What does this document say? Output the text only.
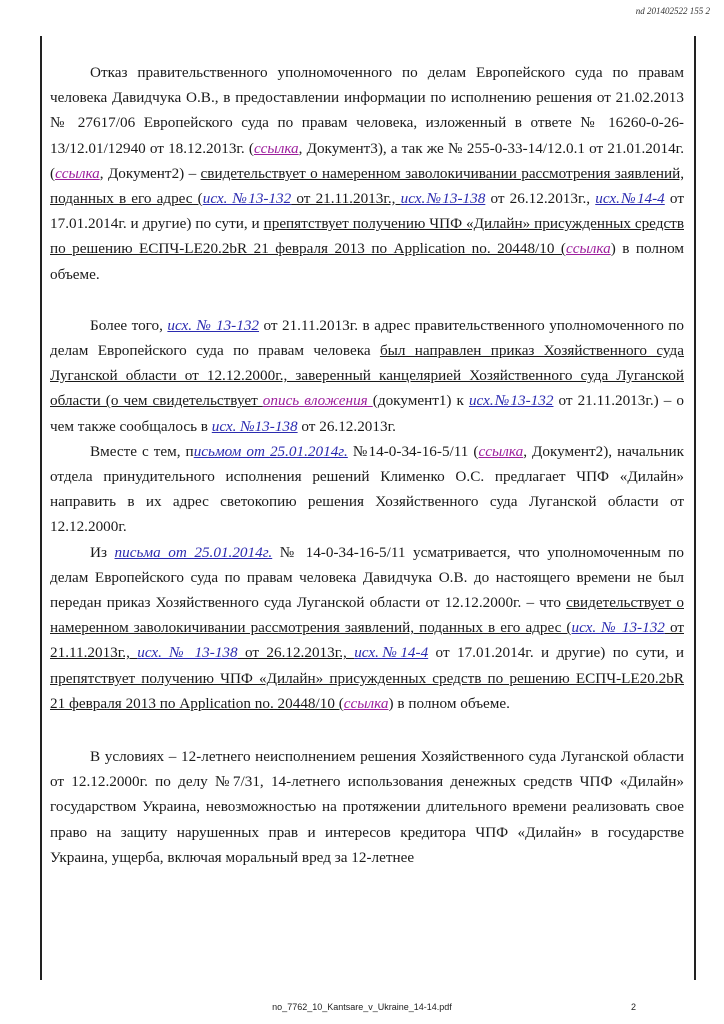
nd 201402522 155 2

Отказ правительственного уполномоченного по делам Европейского суда по правам человека Давидчука О.В., в предоставлении информации по исполнению решения от 21.02.2013 № 27617/06 Европейского суда по правам человека, изложенный в ответе № 16260-0-26-13/12.01/12940 от 18.12.2013г. (ссылка, Документ3), а так же № 255-0-33-14/12.0.1 от 21.01.2014г. (ссылка, Документ2) – свидетельствует о намеренном заволокичивании рассмотрения заявлений, поданных в его адрес (исх. №13-132 от 21.11.2013г., исх.№13-138 от 26.12.2013г., исх.№14-4 от 17.01.2014г. и другие) по сути, и препятствует получению ЧПФ «Дилайн» присужденных средств по решению ЕСПЧ-LE20.2bR 21 февраля 2013 по Application no. 20448/10 (ссылка) в полном объеме.

Более того, исх. № 13-132 от 21.11.2013г. в адрес правительственного уполномоченного по делам Европейского суда по правам человека был направлен приказ Хозяйственного суда Луганской области от 12.12.2000г., заверенный канцелярией Хозяйственного суда Луганской области (о чем свидетельствует опись вложения (документ1) к исх.№13-132 от 21.11.2013г.) – о чем также сообщалось в исх. №13-138 от 26.12.2013г.

Вместе с тем, письмом от 25.01.2014г. №14-0-34-16-5/11 (ссылка, Документ2), начальник отдела принудительного исполнения решений Клименко О.С. предлагает ЧПФ «Дилайн» направить в их адрес светокопию решения Хозяйственного суда Луганской области от 12.12.2000г.

Из письма от 25.01.2014г. № 14-0-34-16-5/11 усматривается, что уполномоченным по делам Европейского суда по правам человека Давидчука О.В. до настоящего времени не был передан приказ Хозяйственного суда Луганской области от 12.12.2000г. – что свидетельствует о намеренном заволокичивании рассмотрения заявлений, поданных в его адрес (исх. № 13-132 от 21.11.2013г., исх. № 13-138 от 26.12.2013г., исх.№14-4 от 17.01.2014г. и другие) по сути, и препятствует получению ЧПФ «Дилайн» присужденных средств по решению ЕСПЧ-LE20.2bR 21 февраля 2013 по Application no. 20448/10 (ссылка) в полном объеме.

В условиях – 12-летнего неисполнением решения Хозяйственного суда Луганской области от 12.12.2000г. по делу №7/31, 14-летнего использования денежных средств ЧПФ «Дилайн» государством Украина, невозможностью на протяжении длительного времени реализовать свое право на защиту нарушенных прав и интересов кредитора ЧПФ «Дилайн» в государстве Украина, ущерба, включая моральный вред за 12-летнее

no_7762_10_Kantsare_v_Ukraine_14-14.pdf	2
